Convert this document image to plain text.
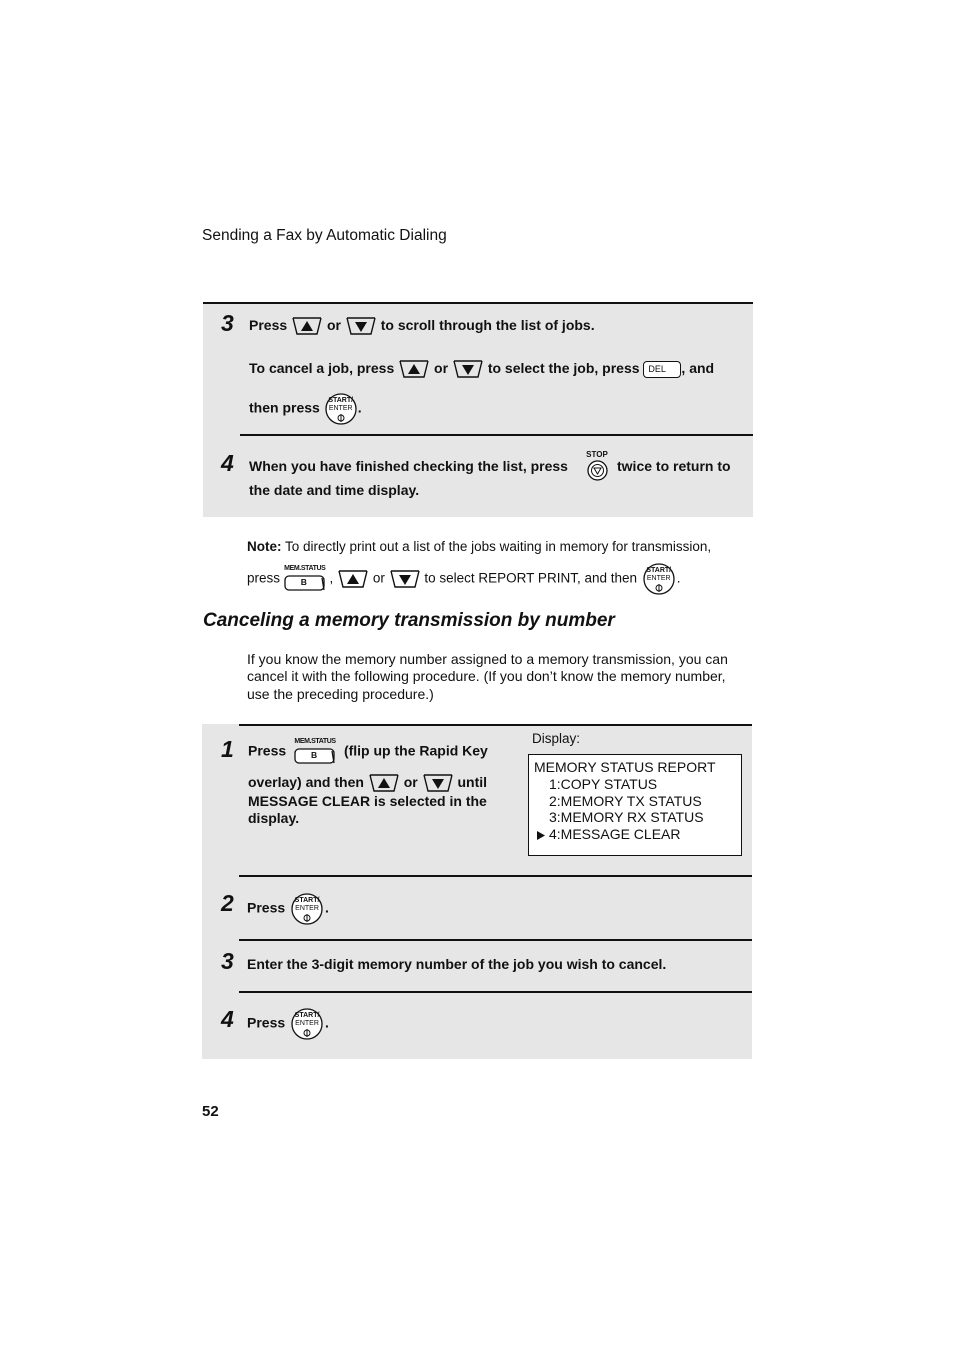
Sending a Fax by Automatic Dialing
3 Press	or	to scroll through the list of jobs.
To cancel a job, press	or	to select the job, press DEL , and
then press	START/
ENTER .
4 When you have finished checking the list, press
STOP
twice to return to
the date and time display.
Note: To directly print out a list of the jobs waiting in memory for transmission,
press
MEM.STATUS
B	,	or	to select REPORT PRINT, and then
START/
ENTER .
Canceling a memory transmission by number
If you know the memory number assigned to a memory transmission, you can
cancel it with the following procedure. (If you don’t know the memory number,
use the preceding procedure.)
1 Press
MEM.STATUS
B	(flip up the Rapid Key
overlay) and then	or	until
MESSAGE CLEAR is selected in the
display.
Display:
MEMORY STATUS REPORT
1:COPY STATUS
2:MEMORY TX STATUS
3:MEMORY RX STATUS
4:MESSAGE CLEAR
2 Press	START/
ENTER .
3 Enter the 3-digit memory number of the job you wish to cancel.
4 Press	START/
ENTER .
52
